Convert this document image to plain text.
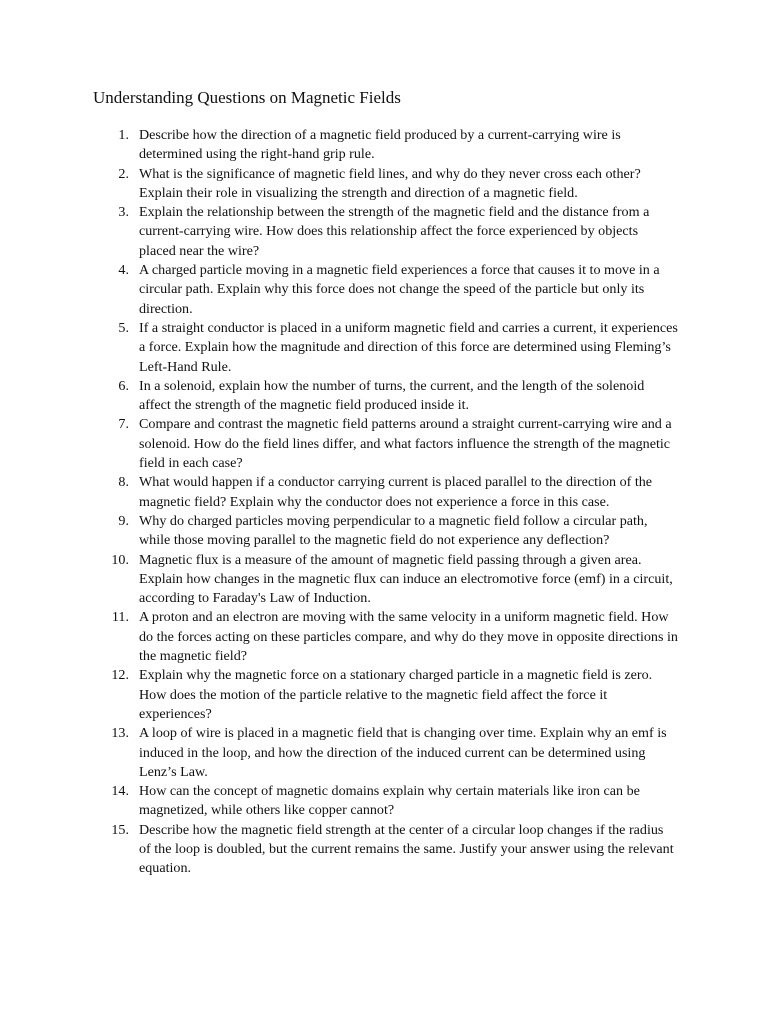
Understanding Questions on Magnetic Fields
1. Describe how the direction of a magnetic field produced by a current-carrying wire is determined using the right-hand grip rule.
2. What is the significance of magnetic field lines, and why do they never cross each other? Explain their role in visualizing the strength and direction of a magnetic field.
3. Explain the relationship between the strength of the magnetic field and the distance from a current-carrying wire. How does this relationship affect the force experienced by objects placed near the wire?
4. A charged particle moving in a magnetic field experiences a force that causes it to move in a circular path. Explain why this force does not change the speed of the particle but only its direction.
5. If a straight conductor is placed in a uniform magnetic field and carries a current, it experiences a force. Explain how the magnitude and direction of this force are determined using Fleming’s Left-Hand Rule.
6. In a solenoid, explain how the number of turns, the current, and the length of the solenoid affect the strength of the magnetic field produced inside it.
7. Compare and contrast the magnetic field patterns around a straight current-carrying wire and a solenoid. How do the field lines differ, and what factors influence the strength of the magnetic field in each case?
8. What would happen if a conductor carrying current is placed parallel to the direction of the magnetic field? Explain why the conductor does not experience a force in this case.
9. Why do charged particles moving perpendicular to a magnetic field follow a circular path, while those moving parallel to the magnetic field do not experience any deflection?
10. Magnetic flux is a measure of the amount of magnetic field passing through a given area. Explain how changes in the magnetic flux can induce an electromotive force (emf) in a circuit, according to Faraday's Law of Induction.
11. A proton and an electron are moving with the same velocity in a uniform magnetic field. How do the forces acting on these particles compare, and why do they move in opposite directions in the magnetic field?
12. Explain why the magnetic force on a stationary charged particle in a magnetic field is zero. How does the motion of the particle relative to the magnetic field affect the force it experiences?
13. A loop of wire is placed in a magnetic field that is changing over time. Explain why an emf is induced in the loop, and how the direction of the induced current can be determined using Lenz’s Law.
14. How can the concept of magnetic domains explain why certain materials like iron can be magnetized, while others like copper cannot?
15. Describe how the magnetic field strength at the center of a circular loop changes if the radius of the loop is doubled, but the current remains the same. Justify your answer using the relevant equation.
